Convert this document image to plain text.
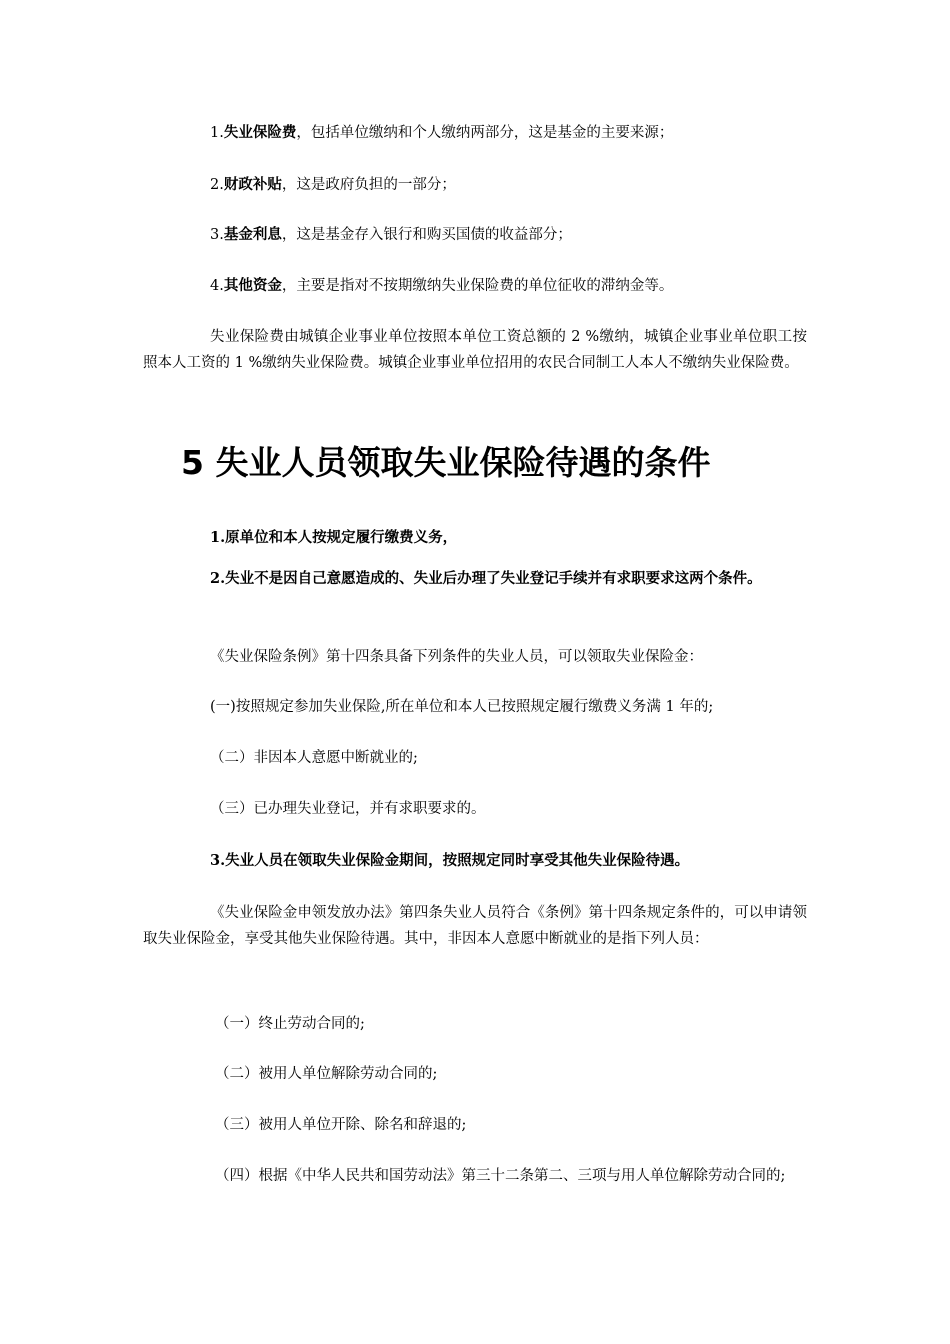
1.失业保险费，包括单位缴纳和个人缴纳两部分，这是基金的主要来源；
2.财政补贴，这是政府负担的一部分；
3.基金利息，这是基金存入银行和购买国债的收益部分；
4.其他资金，主要是指对不按期缴纳失业保险费的单位征收的滞纳金等。
失业保险费由城镇企业事业单位按照本单位工资总额的 2 %缴纳，城镇企业事业单位职工按照本人工资的 1 %缴纳失业保险费。城镇企业事业单位招用的农民合同制工人本人不缴纳失业保险费。
5 失业人员领取失业保险待遇的条件
1.原单位和本人按规定履行缴费义务，
2.失业不是因自己意愿造成的、失业后办理了失业登记手续并有求职要求这两个条件。
《失业保险条例》第十四条具备下列条件的失业人员，可以领取失业保险金：
(一)按照规定参加失业保险,所在单位和本人已按照规定履行缴费义务满 1 年的;
（二）非因本人意愿中断就业的;
（三）已办理失业登记，并有求职要求的。
3.失业人员在领取失业保险金期间，按照规定同时享受其他失业保险待遇。
《失业保险金申领发放办法》第四条失业人员符合《条例》第十四条规定条件的，可以申请领取失业保险金，享受其他失业保险待遇。其中，非因本人意愿中断就业的是指下列人员：
（一）终止劳动合同的;
（二）被用人单位解除劳动合同的;
（三）被用人单位开除、除名和辞退的;
（四）根据《中华人民共和国劳动法》第三十二条第二、三项与用人单位解除劳动合同的;
